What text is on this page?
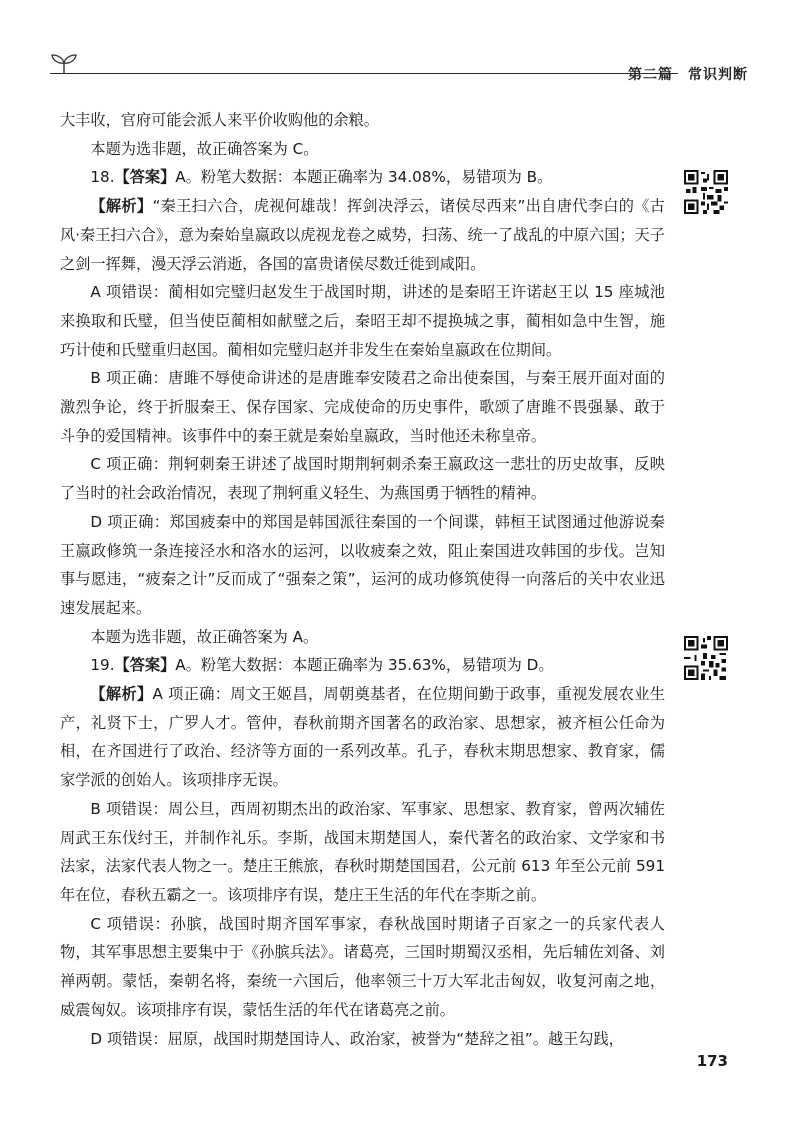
第二篇　常识判断

大丰收，官府可能会派人来平价收购他的余粮。

本题为选非题，故正确答案为 C。

18.【答案】A。粉笔大数据：本题正确率为 34.08%，易错项为 B。

【解析】“秦王扫六合，虎视何雄哉！挥剑决浮云，诸侯尽西来”出自唐代李白的《古风·秦王扫六合》，意为秦始皇嬴政以虎视龙卷之威势，扫荡、统一了战乱的中原六国；天子之剑一挥舞，漫天浮云消逝，各国的富贵诸侯尽数迁徙到咸阳。

A 项错误：蔺相如完璧归赵发生于战国时期，讲述的是秦昭王许诺赵王以 15 座城池来换取和氏璧，但当使臣蔺相如献璧之后，秦昭王却不提换城之事，蔺相如急中生智，施巧计使和氏璧重归赵国。蔺相如完璧归赵并非发生在秦始皇嬴政在位期间。

B 项正确：唐雎不辱使命讲述的是唐雎奉安陵君之命出使秦国，与秦王展开面对面的激烈争论，终于折服秦王、保存国家、完成使命的历史事件，歌颂了唐雎不畏强暴、敢于斗争的爱国精神。该事件中的秦王就是秦始皇嬴政，当时他还未称皇帝。

C 项正确：荆轲刺秦王讲述了战国时期荆轲刺杀秦王嬴政这一悲壮的历史故事，反映了当时的社会政治情况，表现了荆轲重义轻生、为燕国勇于牺牲的精神。

D 项正确：郑国疲秦中的郑国是韩国派往秦国的一个间谍，韩桓王试图通过他游说秦王嬴政修筑一条连接泾水和洛水的运河，以收疲秦之效，阻止秦国进攻韩国的步伐。岂知事与愿违，“疲秦之计”反而成了“强秦之策”，运河的成功修筑使得一向落后的关中农业迅速发展起来。

本题为选非题，故正确答案为 A。

19.【答案】A。粉笔大数据：本题正确率为 35.63%，易错项为 D。

【解析】A 项正确：周文王姬昌，周朝奠基者，在位期间勤于政事，重视发展农业生产，礼贤下士，广罗人才。管仲，春秋前期齐国著名的政治家、思想家，被齐桓公任命为相，在齐国进行了政治、经济等方面的一系列改革。孔子，春秋末期思想家、教育家，儒家学派的创始人。该项排序无误。

B 项错误：周公旦，西周初期杰出的政治家、军事家、思想家、教育家，曾两次辅佐周武王东伐纣王，并制作礼乐。李斯，战国末期楚国人，秦代著名的政治家、文学家和书法家，法家代表人物之一。楚庄王熊旅，春秋时期楚国国君，公元前 613 年至公元前 591 年在位，春秋五霸之一。该项排序有误，楚庄王生活的年代在李斯之前。

C 项错误：孙膑，战国时期齐国军事家，春秋战国时期诸子百家之一的兵家代表人物，其军事思想主要集中于《孙膑兵法》。诸葛亮，三国时期蜀汉丞相，先后辅佐刘备、刘禅两朝。蒙恬，秦朝名将，秦统一六国后，他率领三十万大军北击匈奴，收复河南之地，威震匈奴。该项排序有误，蒙恬生活的年代在诸葛亮之前。

D 项错误：屈原，战国时期楚国诗人、政治家，被誉为“楚辞之祖”。越王勾践，

173
